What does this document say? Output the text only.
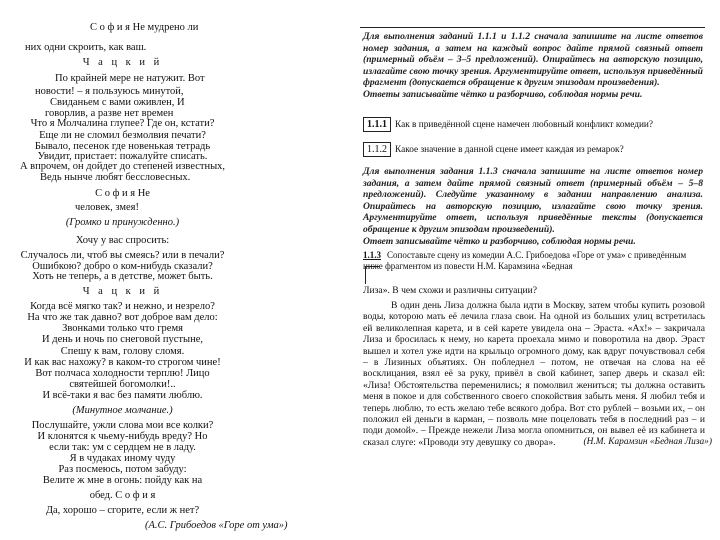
С о ф и я Не мудрено ли
них одни скроить, как ваш.
Ч а ц к и й
По крайней мере не натужит. Вот
новости! – я пользуюсь минутой,
Свиданьем с вами оживлен, И
говорлив, а разве нет времен
Что я Молчалина глупее? Где он, кстати?
Еще ли не сломил безмолвия печати?
Бывало, песенок где новенькая тетрадь
Увидит, пристает: пожалуйте списать.
А впрочем, он дойдет до степеней известных,
Ведь нынче любят бессловесных.
С о ф и я Не
человек, змея!
(Громко и принужденно.)
Хочу у вас спросить:
Случалось ли, чтоб вы смеясь? или в печали?
Ошибкою? добро о ком-нибудь сказали?
Хоть не теперь, а в детстве, может быть.
Ч а ц к и й
Когда всё мягко так? и нежно, и незрело?
На что же так давно? вот доброе вам дело:
Звонками только что гремя
И день и ночь по снеговой пустыне,
Спешу к вам, голову сломя.
И как вас нахожу? в каком-то строгом чине!
Вот полчаса холодности терплю! Лицо
святейшей богомолки!..
И всё-таки я вас без памяти люблю.
(Минутное молчание.)
Послушайте, ужли слова мои все колки?
И клонятся к чьему-нибудь вреду? Но
если так: ум с сердцем не в ладу.
Я в чудаках иному чуду
Раз посмеюсь, потом забуду:
Велите ж мне в огонь: пойду как на
обед. С о ф и я
Да, хорошо – сгорите, если ж нет?
(А.С. Грибоедов «Горе от ума»)
Для выполнения заданий 1.1.1 и 1.1.2 сначала запишите на листе ответов номер задания, а затем на каждый вопрос дайте прямой связный ответ (примерный объём – 3–5 предложений). Опирайтесь на авторскую позицию, излагайте свою точку зрения. Аргументируйте ответ, используя приведённый фрагмент (допускается обращение к другим эпизодам произведения).
Ответы записывайте чётко и разборчиво, соблюдая нормы речи.
1.1.1 Как в приведённой сцене намечен любовный конфликт комедии?
1.1.2 Какое значение в данной сцене имеет каждая из ремарок?
Для выполнения задания 1.1.3 сначала запишите на листе ответов номер задания, а затем дайте прямой связный ответ (примерный объём – 5–8 предложений). Следуйте указанному в задании направлению анализа. Опирайтесь на авторскую позицию, излагайте свою точку зрения. Аргументируйте ответ, используя приведённые тексты (допускается обращение к другим эпизодам произведений).
Ответ записывайте чётко и разборчиво, соблюдая нормы речи.
1.1.3 Сопоставьте сцену из комедии А.С. Грибоедова «Горе от ума» с приведённым ниже фрагментом из повести Н.М. Карамзина «Бедная
Лиза». В чем схожи и различны ситуации?
В один день Лиза должна была идти в Москву, затем чтобы купить розовой воды, которою мать её лечила глаза свои. На одной из больших улиц встретилась ей великолепная карета, и в сей карете увидела она – Эраста. «Ах!» – закричала Лиза и бросилась к нему, но карета проехала мимо и поворотила на двор. Эраст вышел и хотел уже идти на крыльцо огромного дому, как вдруг почувствовал себя – в Лизиных объятиях. Он побледнел – потом, не отвечая на слова на её восклицания, взял её за руку, привёл в свой кабинет, запер дверь и сказал ей: «Лиза! Обстоятельства переменились; я помолвил жениться; ты должна оставить меня в покое и для собственного своего спокойствия забыть меня. Я любил тебя и теперь люблю, то есть желаю тебе всякого добра. Вот сто рублей – возьми их, – он положил ей деньги в карман, – позволь мне поцеловать тебя в последний раз – и поди домой». – Прежде нежели Лиза могла опомниться, он вывел её из кабинета и сказал слуге: «Проводи эту девушку со двора».	(Н.М. Карамзин «Бедная Лиза»)
